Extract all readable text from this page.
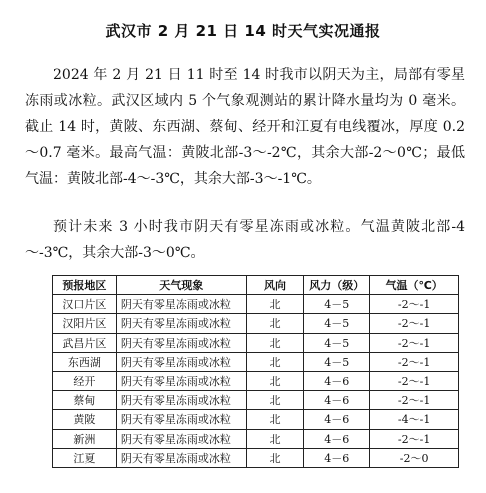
武汉市 2 月 21 日 14 时天气实况通报
2024 年 2 月 21 日 11 时至 14 时我市以阴天为主，局部有零星冻雨或冰粒。武汉区域内 5 个气象观测站的累计降水量均为 0 毫米。截止 14 时，黄陂、东西湖、蔡甸、经开和江夏有电线覆冰，厚度 0.2～0.7 毫米。最高气温：黄陂北部-3～-2℃，其余大部-2～0℃；最低气温：黄陂北部-4～-3℃，其余大部-3～-1℃。
预计未来 3 小时我市阴天有零星冻雨或冰粒。气温黄陂北部-4～-3℃，其余大部-3～0℃。
预报地区	天气现象	风向	风力（级）	气温（℃）
汉口片区	阴天有零星冻雨或冰粒	北	4－5	-2～-1
汉阳片区	阴天有零星冻雨或冰粒	北	4－5	-2～-1
武昌片区	阴天有零星冻雨或冰粒	北	4－5	-2～-1
东西湖	阴天有零星冻雨或冰粒	北	4－5	-2～-1
经开	阴天有零星冻雨或冰粒	北	4－6	-2～-1
蔡甸	阴天有零星冻雨或冰粒	北	4－6	-2～-1
黄陂	阴天有零星冻雨或冰粒	北	4－6	-4～-1
新洲	阴天有零星冻雨或冰粒	北	4－6	-2～-1
江夏	阴天有零星冻雨或冰粒	北	4－6	-2～0
